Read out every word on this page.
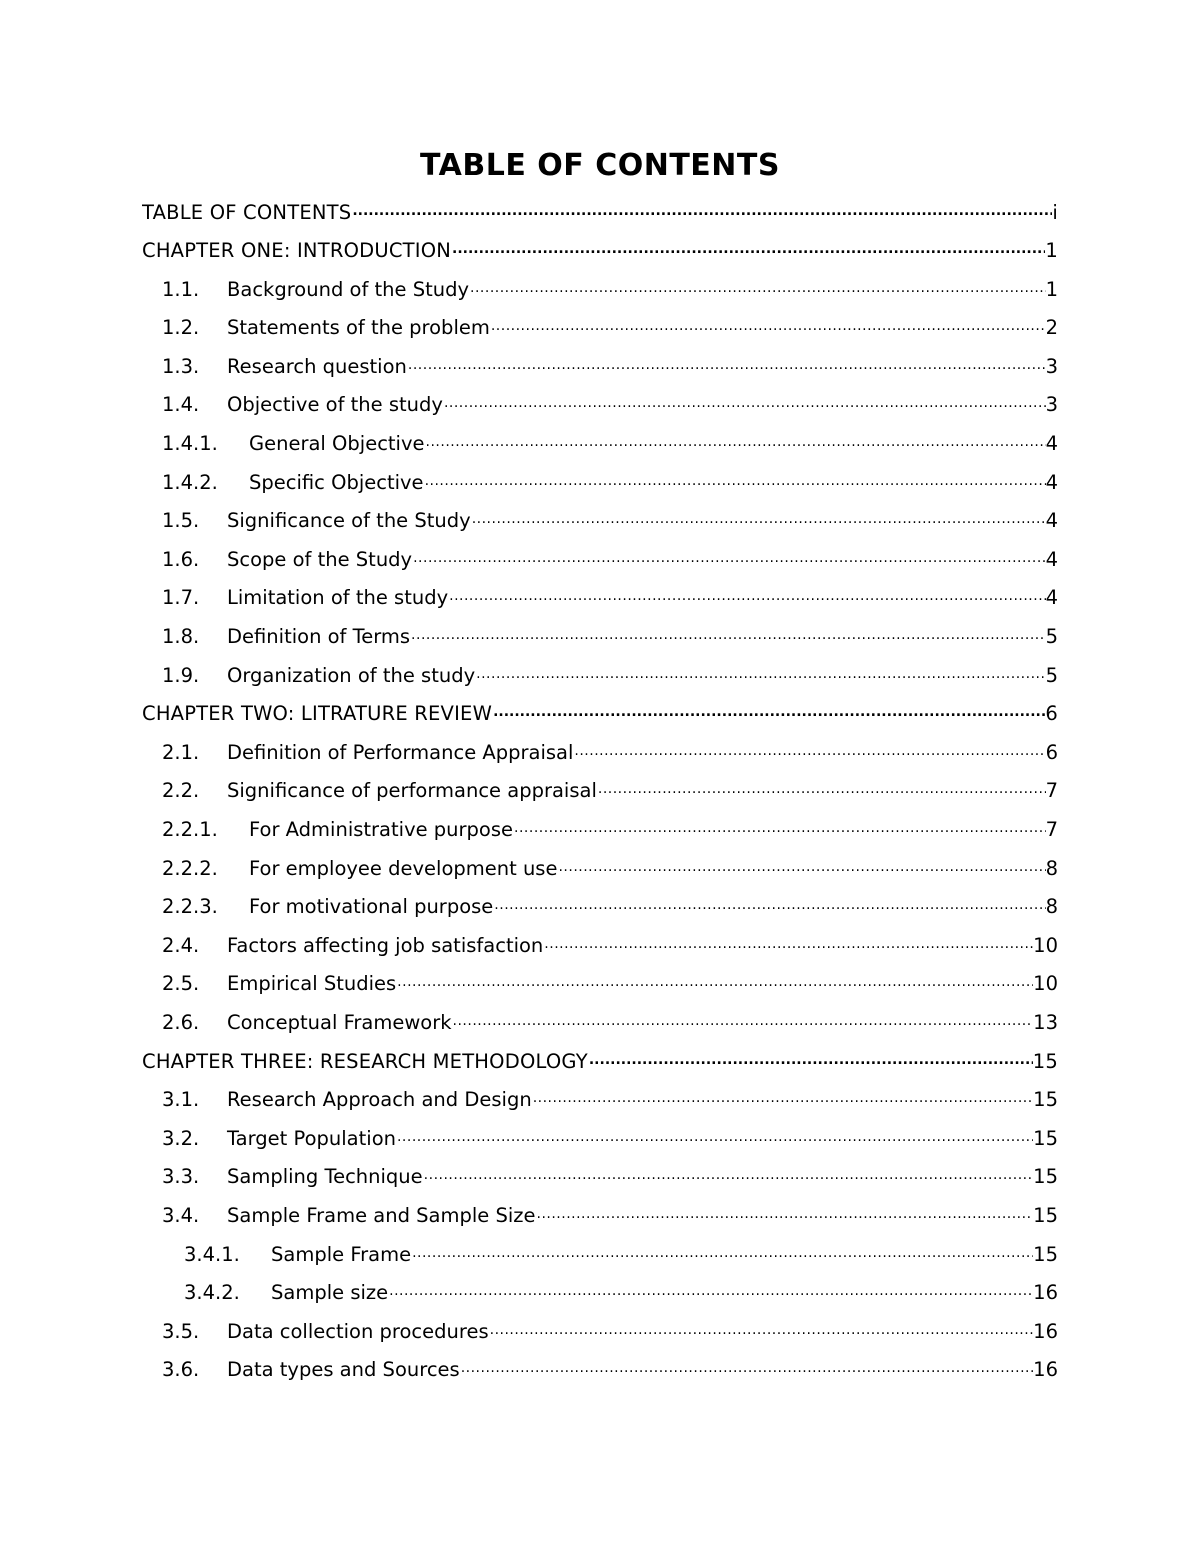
TABLE OF CONTENTS
TABLE OF CONTENTS .....	i
CHAPTER ONE: INTRODUCTION .....	1
1.1.	Background of the Study .....	1
1.2.	Statements of the problem .....	2
1.3.	Research question .....	3
1.4.	Objective of the study .....	3
1.4.1.	General Objective .....	4
1.4.2.	Specific Objective .....	4
1.5.	Significance of the Study .....	4
1.6.	Scope of the Study .....	4
1.7.	Limitation of the study .....	4
1.8.	Definition of Terms .....	5
1.9.	Organization of the study .....	5
CHAPTER TWO: LITRATURE REVIEW .....	6
2.1.	Definition of Performance Appraisal .....	6
2.2.	Significance of performance appraisal .....	7
2.2.1.	For Administrative purpose .....	7
2.2.2.	For employee development use .....	8
2.2.3.	For motivational purpose .....	8
2.4.	Factors affecting job satisfaction .....	10
2.5.	Empirical Studies .....	10
2.6.	Conceptual Framework .....	13
CHAPTER THREE: RESEARCH METHODOLOGY .....	15
3.1.	Research Approach and Design .....	15
3.2.	Target Population .....	15
3.3.	Sampling Technique .....	15
3.4.	Sample Frame and Sample Size .....	15
3.4.1.	Sample Frame .....	15
3.4.2.	Sample size .....	16
3.5.	Data collection procedures .....	16
3.6.	Data types and Sources .....	16
